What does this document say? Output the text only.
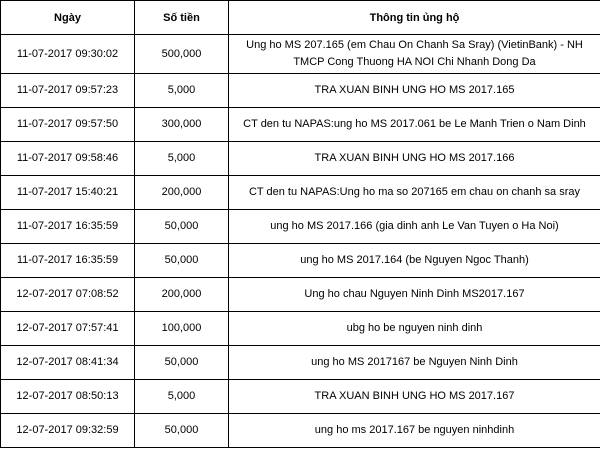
Ngày	Số tiền	Thông tin ủng hộ
11-07-2017 09:30:02	500,000	Ung ho MS 207.165 (em Chau On Chanh Sa Sray) (VietinBank) - NH TMCP Cong Thuong HA NOI Chi Nhanh Dong Da
11-07-2017 09:57:23	5,000	TRA XUAN BINH UNG HO MS 2017.165
11-07-2017 09:57:50	300,000	CT den tu NAPAS:ung ho MS 2017.061 be Le Manh Trien o Nam Dinh
11-07-2017 09:58:46	5,000	TRA XUAN BINH UNG HO MS 2017.166
11-07-2017 15:40:21	200,000	CT den tu NAPAS:Ung ho ma so 207165 em chau on chanh sa sray
11-07-2017 16:35:59	50,000	ung ho MS 2017.166 (gia dinh anh Le Van Tuyen o Ha Noi)
11-07-2017 16:35:59	50,000	ung ho MS 2017.164 (be Nguyen Ngoc Thanh)
12-07-2017 07:08:52	200,000	Ung ho chau Nguyen Ninh Dinh MS2017.167
12-07-2017 07:57:41	100,000	ubg ho be nguyen ninh dinh
12-07-2017 08:41:34	50,000	ung ho MS 2017167 be Nguyen Ninh Dinh
12-07-2017 08:50:13	5,000	TRA XUAN BINH UNG HO MS 2017.167
12-07-2017 09:32:59	50,000	ung ho ms 2017.167 be nguyen ninhdinh
